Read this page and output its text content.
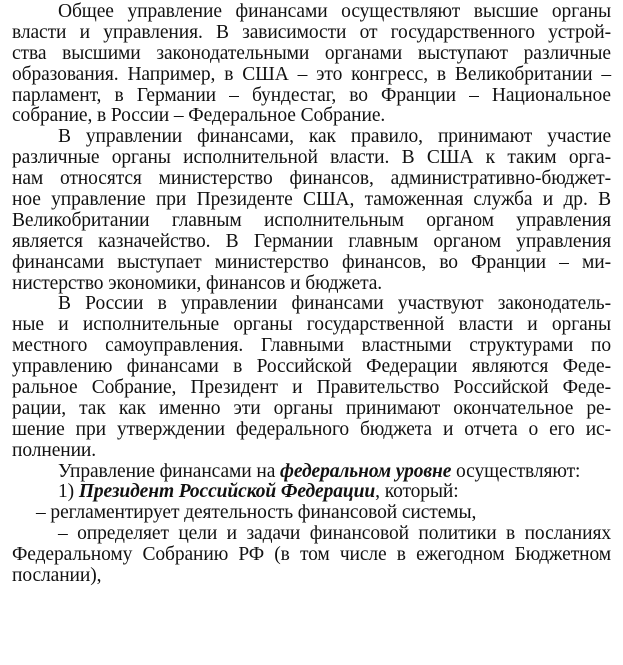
Общее управление финансами осуществляют высшие органы
власти и управления. В зависимости от государственного устрой-
ства высшими законодательными органами выступают различные
образования. Например, в США – это конгресс, в Великобритании –
парламент, в Германии – бундестаг, во Франции – Национальное
собрание, в России – Федеральное Собрание.
В управлении финансами, как правило, принимают участие
различные органы исполнительной власти. В США к таким орга-
нам относятся министерство финансов, административно-бюджет-
ное управление при Президенте США, таможенная служба и др. В
Великобритании главным исполнительным органом управления
является казначейство. В Германии главным органом управления
финансами выступает министерство финансов, во Франции – ми-
нистерство экономики, финансов и бюджета.
В России в управлении финансами участвуют законодатель-
ные и исполнительные органы государственной власти и органы
местного самоуправления. Главными властными структурами по
управлению финансами в Российской Федерации являются Феде-
ральное Собрание, Президент и Правительство Российской Феде-
рации, так как именно эти органы принимают окончательное ре-
шение при утверждении федерального бюджета и отчета о его ис-
полнении.
Управление финансами на федеральном уровне осуществляют:
1) Президент Российской Федерации, который:
– регламентирует деятельность финансовой системы,
– определяет цели и задачи финансовой политики в посланиях
Федеральному Собранию РФ (в том числе в ежегодном Бюджетном
послании),
